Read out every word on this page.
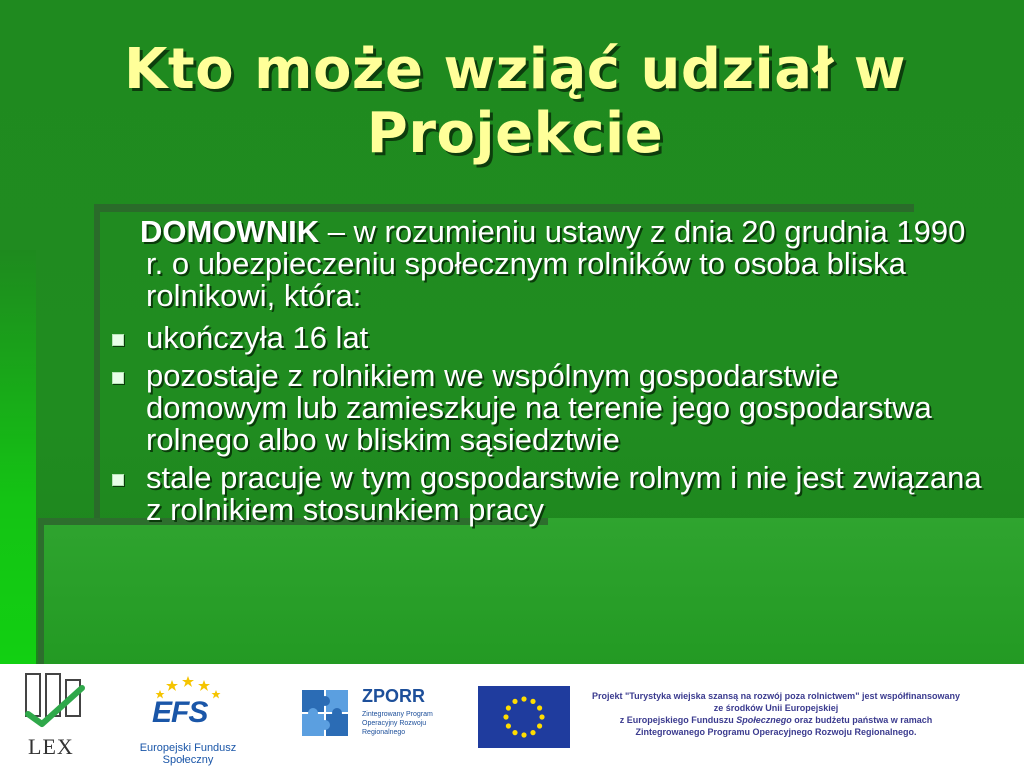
Kto może wziąć udział w Projekcie
DOMOWNIK – w rozumieniu ustawy z dnia 20 grudnia 1990 r. o ubezpieczeniu społecznym rolników to osoba bliska rolnikowi, która:
ukończyła 16 lat
pozostaje z rolnikiem we wspólnym gospodarstwie domowym lub zamieszkuje na terenie jego gospodarstwa rolnego albo w bliskim sąsiedztwie
stale pracuje w tym gospodarstwie rolnym i nie jest związana z rolnikiem stosunkiem pracy
LEX
EFS
Europejski Fundusz Społeczny
ZPORR
Zintegrowany Program Operacyjny Rozwoju Regionalnego
Projekt "Turystyka wiejska szansą na rozwój poza rolnictwem" jest współfinansowany ze środków Unii Europejskiej
z Europejskiego Funduszu Społecznego oraz budżetu państwa w ramach
Zintegrowanego Programu Operacyjnego Rozwoju Regionalnego.
